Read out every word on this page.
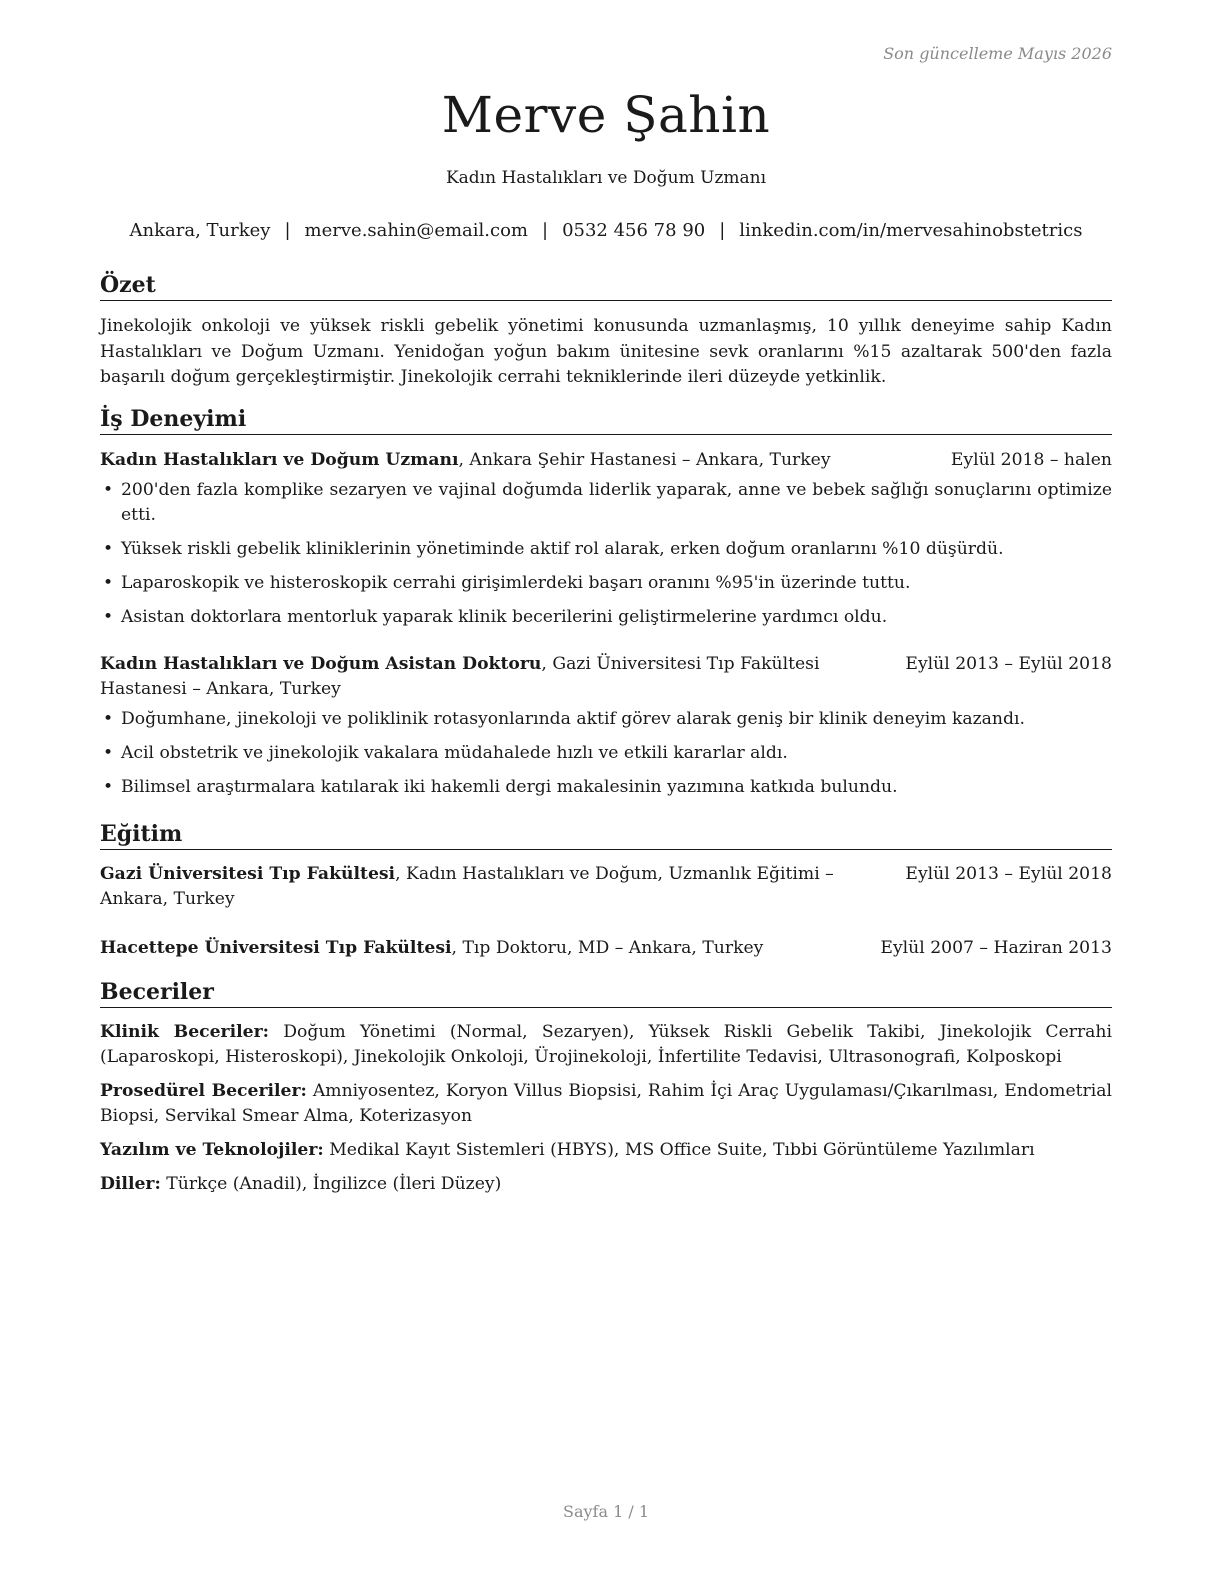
Son güncelleme Mayıs 2026
Merve Şahin
Kadın Hastalıkları ve Doğum Uzmanı
Ankara, Turkey | merve.sahin@email.com | 0532 456 78 90 | linkedin.com/in/mervesahinobstetrics
Özet

Jinekolojik onkoloji ve yüksek riskli gebelik yönetimi konusunda uzmanlaşmış, 10 yıllık deneyime sahip Kadın Hastalıkları ve Doğum Uzmanı. Yenidoğan yoğun bakım ünitesine sevk oranlarını %15 azaltarak 500'den fazla başarılı doğum gerçekleştirmiştir. Jinekolojik cerrahi tekniklerinde ileri düzeyde yetkinlik.

İş Deneyimi
Kadın Hastalıkları ve Doğum Uzmanı, Ankara Şehir Hastanesi – Ankara, Turkey	Eylül 2018 – halen
• 200'den fazla komplike sezaryen ve vajinal doğumda liderlik yaparak, anne ve bebek sağlığı sonuçlarını optimize etti.
• Yüksek riskli gebelik kliniklerinin yönetiminde aktif rol alarak, erken doğum oranlarını %10 düşürdü.
• Laparoskopik ve histeroskopik cerrahi girişimlerdeki başarı oranını %95'in üzerinde tuttu.
• Asistan doktorlara mentorluk yaparak klinik becerilerini geliştirmelerine yardımcı oldu.
Kadın Hastalıkları ve Doğum Asistan Doktoru, Gazi Üniversitesi Tıp Fakültesi Hastanesi – Ankara, Turkey
Eylül 2013 – Eylül 2018
• Doğumhane, jinekoloji ve poliklinik rotasyonlarında aktif görev alarak geniş bir klinik deneyim kazandı.
• Acil obstetrik ve jinekolojik vakalara müdahalede hızlı ve etkili kararlar aldı.
• Bilimsel araştırmalara katılarak iki hakemli dergi makalesinin yazımına katkıda bulundu.
Eğitim
Gazi Üniversitesi Tıp Fakültesi, Kadın Hastalıkları ve Doğum, Uzmanlık Eğitimi – Ankara, Turkey
Eylül 2013 – Eylül 2018
Hacettepe Üniversitesi Tıp Fakültesi, Tıp Doktoru, MD – Ankara, Turkey	Eylül 2007 – Haziran 2013
Beceriler
Klinik Beceriler: Doğum Yönetimi (Normal, Sezaryen), Yüksek Riskli Gebelik Takibi, Jinekolojik Cerrahi (Laparoskopi, Histeroskopi), Jinekolojik Onkoloji, Ürojinekoloji, İnfertilite Tedavisi, Ultrasonografi, Kolposkopi
Prosedürel Beceriler: Amniyosentez, Koryon Villus Biopsisi, Rahim İçi Araç Uygulaması/Çıkarılması, Endometrial Biopsi, Servikal Smear Alma, Koterizasyon
Yazılım ve Teknolojiler: Medikal Kayıt Sistemleri (HBYS), MS Office Suite, Tıbbi Görüntüleme Yazılımları
Diller: Türkçe (Anadil), İngilizce (İleri Düzey)
Sayfa 1 / 1
